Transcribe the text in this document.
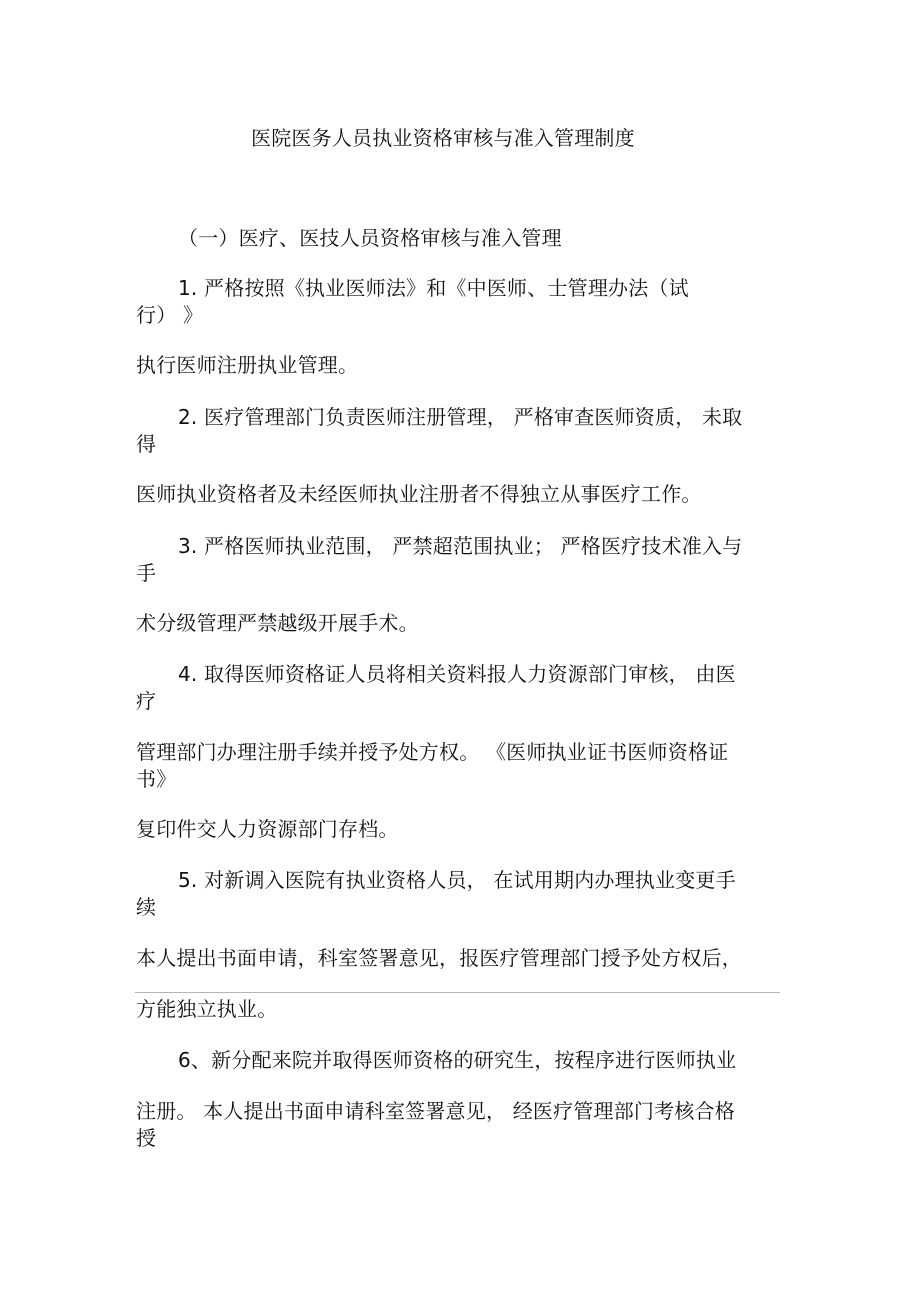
医院医务人员执业资格审核与准入管理制度
（一）医疗、医技人员资格审核与准入管理
1. 严格按照《执业医师法》和《中医师、士管理办法（试
行） 》
执行医师注册执业管理。
2. 医疗管理部门负责医师注册管理， 严格审查医师资质， 未取
得
医师执业资格者及未经医师执业注册者不得独立从事医疗工作。
3. 严格医师执业范围， 严禁超范围执业； 严格医疗技术准入与
手
术分级管理严禁越级开展手术。
4. 取得医师资格证人员将相关资料报人力资源部门审核， 由医
疗
管理部门办理注册手续并授予处方权。 《医师执业证书医师资格证
书》
复印件交人力资源部门存档。
5. 对新调入医院有执业资格人员， 在试用期内办理执业变更手
续
本人提出书面申请，科室签署意见，报医疗管理部门授予处方权后，
方能独立执业。
6、新分配来院并取得医师资格的研究生，按程序进行医师执业
注册。 本人提出书面申请科室签署意见， 经医疗管理部门考核合格
授
